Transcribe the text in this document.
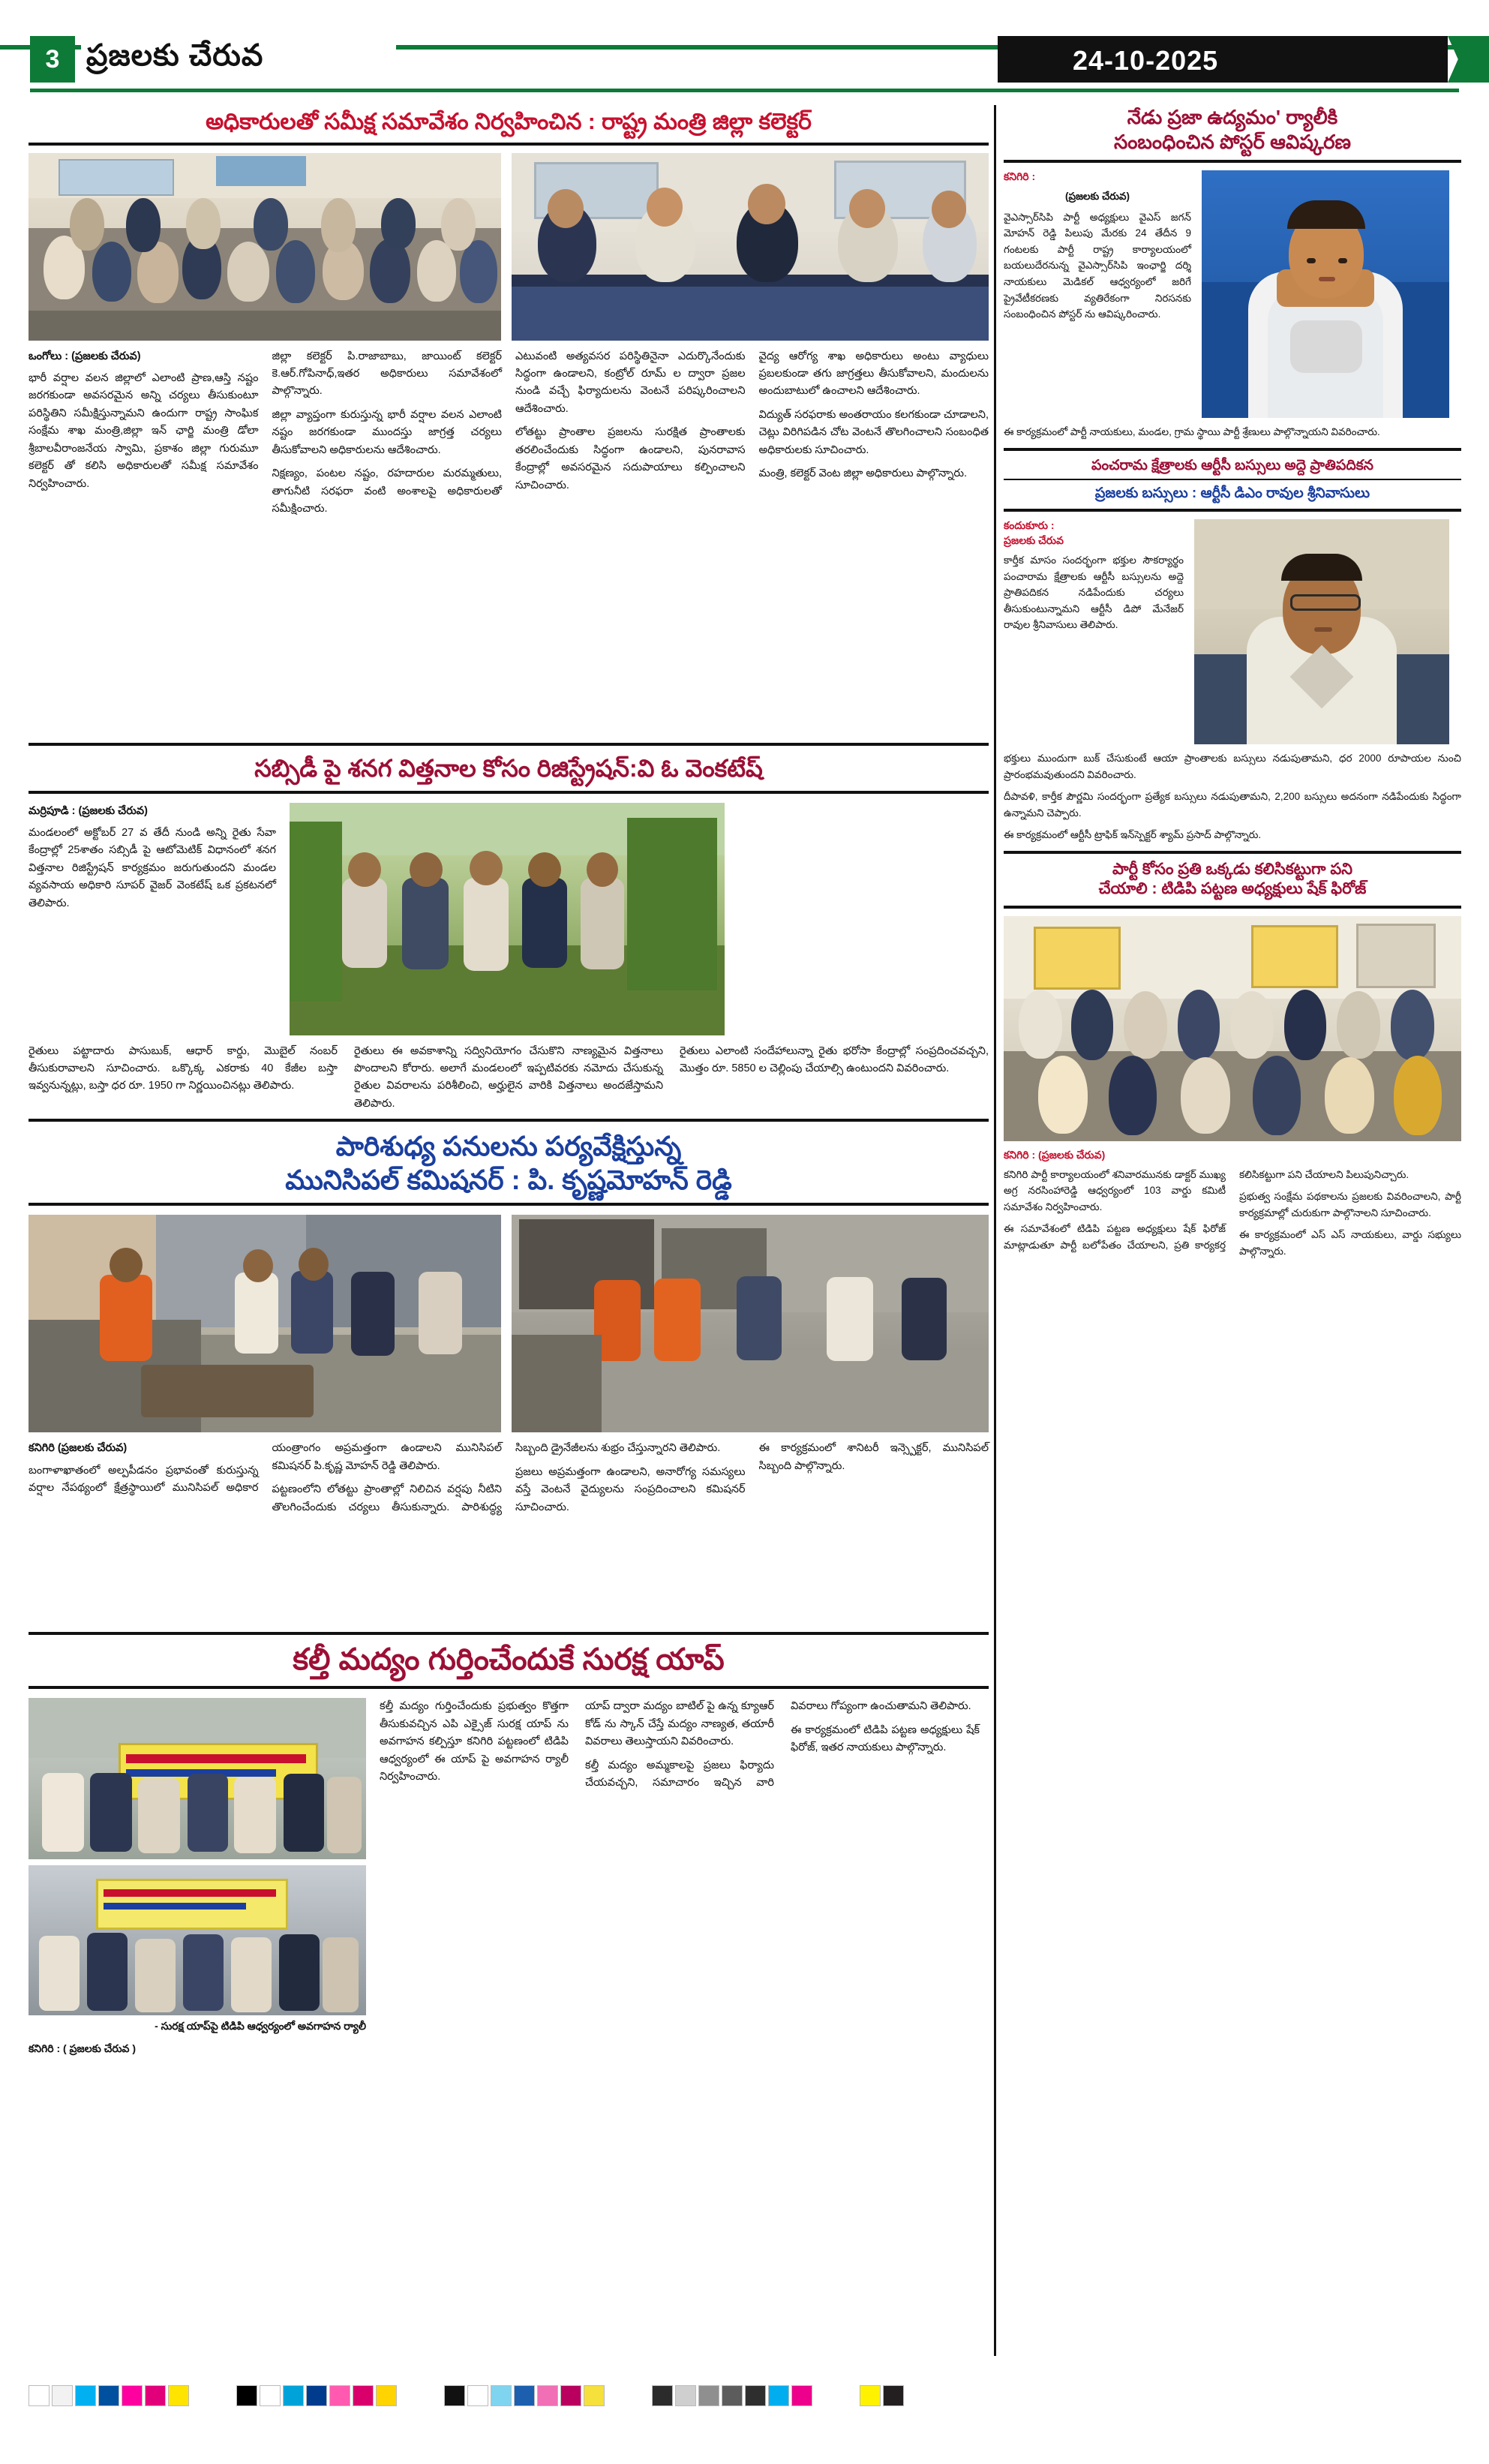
3 ప్రజలకు చేరువ	24-10-2025
అధికారులతో సమీక్ష సమావేశం నిర్వహించిన : రాష్ట్ర మంత్రి జిల్లా కలెక్టర్

ఒంగోలు : (ప్రజలకు చేరువ)

భారీ వర్షాల వలన జిల్లాలో ఎలాంటి ప్రాణ,ఆస్తి నష్టం జరగకుండా అవసరమైన అన్ని చర్యలు తీసుకుంటూ పరిస్థితిని సమీక్షిస్తున్నామని ఉందుగా రాష్ట్ర సాంఘిక సంక్షేమ శాఖ మంత్రి,జిల్లా ఇన్ ఛార్జి మంత్రి డోలా శ్రీబాలవీరాంజనేయ స్వామి, ప్రకాశం జిల్లా గురుమూ కలెక్టర్ తో కలిసి అధికారులతో సమీక్ష సమావేశం నిర్వహించారు.

జిల్లా కలెక్టర్ పి.రాజాబాబు, జాయింట్ కలెక్టర్ కె.ఆర్.గోపినాధ్,ఇతర అధికారులు సమావేశంలో పాల్గొన్నారు.

జిల్లా వ్యాప్తంగా కురుస్తున్న భారీ వర్షాల వలన ఎలాంటి నష్టం జరగకుండా ముందస్తు జాగ్రత్త చర్యలు తీసుకోవాలని అధికారులను ఆదేశించారు.

నిక్షణ్యం, పంటల నష్టం, రహదారుల మరమ్మతులు, తాగునీటి సరఫరా వంటి అంశాలపై అధికారులతో సమీక్షించారు.

ఎటువంటి అత్యవసర పరిస్థితినైనా ఎదుర్కొనేందుకు సిద్ధంగా ఉండాలని, కంట్రోల్ రూమ్ ల ద్వారా ప్రజల నుండి వచ్చే ఫిర్యాదులను వెంటనే పరిష్కరించాలని ఆదేశించారు.

లోతట్టు ప్రాంతాల ప్రజలను సురక్షిత ప్రాంతాలకు తరలించేందుకు సిద్ధంగా ఉండాలని, పునరావాస కేంద్రాల్లో అవసరమైన సదుపాయాలు కల్పించాలని సూచించారు.

వైద్య ఆరోగ్య శాఖ అధికారులు అంటు వ్యాధులు ప్రబలకుండా తగు జాగ్రత్తలు తీసుకోవాలని, మందులను అందుబాటులో ఉంచాలని ఆదేశించారు.

విద్యుత్ సరఫరాకు అంతరాయం కలగకుండా చూడాలని, చెట్లు విరిగిపడిన చోట వెంటనే తొలగించాలని సంబంధిత అధికారులకు సూచించారు.

మంత్రి, కలెక్టర్ వెంట జిల్లా అధికారులు పాల్గొన్నారు.

సబ్సిడీ పై శనగ విత్తనాల కోసం రిజిస్ట్రేషన్:వి ఓ వెంకటేష్

మర్రిపూడి : (ప్రజలకు చేరువ)

మండలంలో అక్టోబర్ 27 వ తేదీ నుండి అన్ని రైతు సేవా కేంద్రాల్లో 25శాతం సబ్సిడీ పై ఆటోమెటిక్ విధానంలో శనగ విత్తనాల రిజిస్ట్రేషన్ కార్యక్రమం జరుగుతుందని మండల వ్యవసాయ అధికారి సూపర్ వైజర్ వెంకటేష్ ఒక ప్రకటనలో తెలిపారు.

రైతులు పట్టాదారు పాసుబుక్, ఆధార్ కార్డు, మొబైల్ నంబర్ తీసుకురావాలని సూచించారు. ఒక్కొక్క ఎకరాకు 40 కేజీల బస్తా ఇవ్వనున్నట్లు, బస్తా ధర రూ. 1950 గా నిర్ణయించినట్లు తెలిపారు.

రైతులు ఈ అవకాశాన్ని సద్వినియోగం చేసుకొని నాణ్యమైన విత్తనాలు పొందాలని కోరారు. అలాగే మండలంలో ఇప్పటివరకు నమోదు చేసుకున్న రైతుల వివరాలను పరిశీలించి, అర్హులైన వారికి విత్తనాలు అందజేస్తామని తెలిపారు.

రైతులు ఎలాంటి సందేహాలున్నా రైతు భరోసా కేంద్రాల్లో సంప్రదించవచ్చని, మొత్తం రూ. 5850 ల చెల్లింపు చేయాల్సి ఉంటుందని వివరించారు.

పారిశుధ్య పనులను పర్యవేక్షిస్తున్న
మునిసిపల్ కమిషనర్ : పి. కృష్ణమోహన్ రెడ్డి

కనిగిరి (ప్రజలకు చేరువ)

బంగాళాఖాతంలో అల్పపీడనం ప్రభావంతో కురుస్తున్న వర్షాల నేపథ్యంలో క్షేత్రస్థాయిలో మునిసిపల్ అధికార యంత్రాంగం అప్రమత్తంగా ఉండాలని మునిసిపల్ కమిషనర్ పి.కృష్ణ మోహన్ రెడ్డి తెలిపారు.

పట్టణంలోని లోతట్టు ప్రాంతాల్లో నిలిచిన వర్షపు నీటిని తొలగించేందుకు చర్యలు తీసుకున్నారు. పారిశుద్ధ్య సిబ్బంది డ్రైనేజీలను శుభ్రం చేస్తున్నారని తెలిపారు.

ప్రజలు అప్రమత్తంగా ఉండాలని, అనారోగ్య సమస్యలు వస్తే వెంటనే వైద్యులను సంప్రదించాలని కమిషనర్ సూచించారు.

ఈ కార్యక్రమంలో శానిటరీ ఇన్స్పెక్టర్, మునిసిపల్ సిబ్బంది పాల్గొన్నారు.

కల్తీ మద్యం గుర్తించేందుకే సురక్ష యాప్
- సురక్ష యాప్‌పై టిడిపి ఆధ్వర్యంలో అవగాహన ర్యాలీ
కనిగిరి : ( ప్రజలకు చేరువ )

కల్తీ మద్యం గుర్తించేందుకు ప్రభుత్వం కొత్తగా తీసుకువచ్చిన ఎపి ఎక్సైజ్ సురక్ష యాప్ ను అవగాహన కల్పిస్తూ కనిగిరి పట్టణంలో టిడిపి ఆధ్వర్యంలో ఈ యాప్ పై అవగాహన ర్యాలీ నిర్వహించారు.

యాప్ ద్వారా మద్యం బాటిల్ పై ఉన్న క్యూఆర్ కోడ్ ను స్కాన్ చేస్తే మద్యం నాణ్యత, తయారీ వివరాలు తెలుస్తాయని వివరించారు.

కల్తీ మద్యం అమ్మకాలపై ప్రజలు ఫిర్యాదు చేయవచ్చని, సమాచారం ఇచ్చిన వారి వివరాలు గోప్యంగా ఉంచుతామని తెలిపారు.

ఈ కార్యక్రమంలో టిడిపి పట్టణ అధ్యక్షులు షేక్ ఫిరోజ్, ఇతర నాయకులు పాల్గొన్నారు.

నేడు ప్రజా ఉద్యమం' ర్యాలీకి
సంబంధించిన పోస్టర్ ఆవిష్కరణ
కనిగిరి :

(ప్రజలకు చేరువ)

వైఎస్సార్‌సిపి పార్టీ అధ్యక్షులు వైఎస్ జగన్ మోహన్ రెడ్డి పిలుపు మేరకు 24 తేదీన 9 గంటలకు పార్టీ రాష్ట్ర కార్యాలయంలో బయలుదేరనున్న వైఎస్సార్‌సిపి ఇంఛార్జి దర్శి నాయకులు మెడికల్ ఆధ్వర్యంలో జరిగే ప్రైవేటీకరణకు వ్యతిరేకంగా నిరసనకు సంబంధించిన పోస్టర్ ను ఆవిష్కరించారు.

ఈ కార్యక్రమంలో పార్టీ నాయకులు, మండల, గ్రామ స్థాయి పార్టీ శ్రేణులు పాల్గొన్నాయని వివరించారు.

పంచరామ క్షేత్రాలకు ఆర్టీసీ బస్సులు అద్దె ప్రాతిపదికన
ప్రజలకు బస్సులు : ఆర్టీసీ డిఎం రావుల శ్రీనివాసులు
కందుకూరు :
ప్రజలకు చేరువ

కార్తీక మాసం సందర్భంగా భక్తుల సౌకర్యార్థం పంచారామ క్షేత్రాలకు ఆర్టీసీ బస్సులను అద్దె ప్రాతిపదికన నడిపేందుకు చర్యలు తీసుకుంటున్నామని ఆర్టీసీ డిపో మేనేజర్ రావుల శ్రీనివాసులు తెలిపారు.

భక్తులు ముందుగా బుక్ చేసుకుంటే ఆయా ప్రాంతాలకు బస్సులు నడుపుతామని, ధర 2000 రూపాయల నుంచి ప్రారంభమవుతుందని వివరించారు.

దీపావళి, కార్తీక పౌర్ణమి సందర్భంగా ప్రత్యేక బస్సులు నడుపుతామని, 2,200 బస్సులు అదనంగా నడిపేందుకు సిద్ధంగా ఉన్నామని చెప్పారు.

ఈ కార్యక్రమంలో ఆర్టీసీ ట్రాఫిక్ ఇన్‌స్పెక్టర్ శ్యామ్ ప్రసాద్ పాల్గొన్నారు.

పార్టీ కోసం ప్రతి ఒక్కడు కలిసికట్టుగా పని
చేయాలి : టిడిపి పట్టణ అధ్యక్షులు షేక్ ఫిరోజ్
కనిగిరి : (ప్రజలకు చేరువ)

కనిగిరి పార్టీ కార్యాలయంలో శనివారమునకు డాక్టర్ ముఖ్య అగ్ర నరసింహారెడ్డి ఆధ్వర్యంలో 103 వార్డు కమిటీ సమావేశం నిర్వహించారు.

ఈ సమావేశంలో టిడిపి పట్టణ అధ్యక్షులు షేక్ ఫిరోజ్ మాట్లాడుతూ పార్టీ బలోపేతం చేయాలని, ప్రతి కార్యకర్త కలిసికట్టుగా పని చేయాలని పిలుపునిచ్చారు.

ప్రభుత్వ సంక్షేమ పథకాలను ప్రజలకు వివరించాలని, పార్టీ కార్యక్రమాల్లో చురుకుగా పాల్గొనాలని సూచించారు.

ఈ కార్యక్రమంలో ఎస్ ఎస్ నాయకులు, వార్డు సభ్యులు పాల్గొన్నారు.
